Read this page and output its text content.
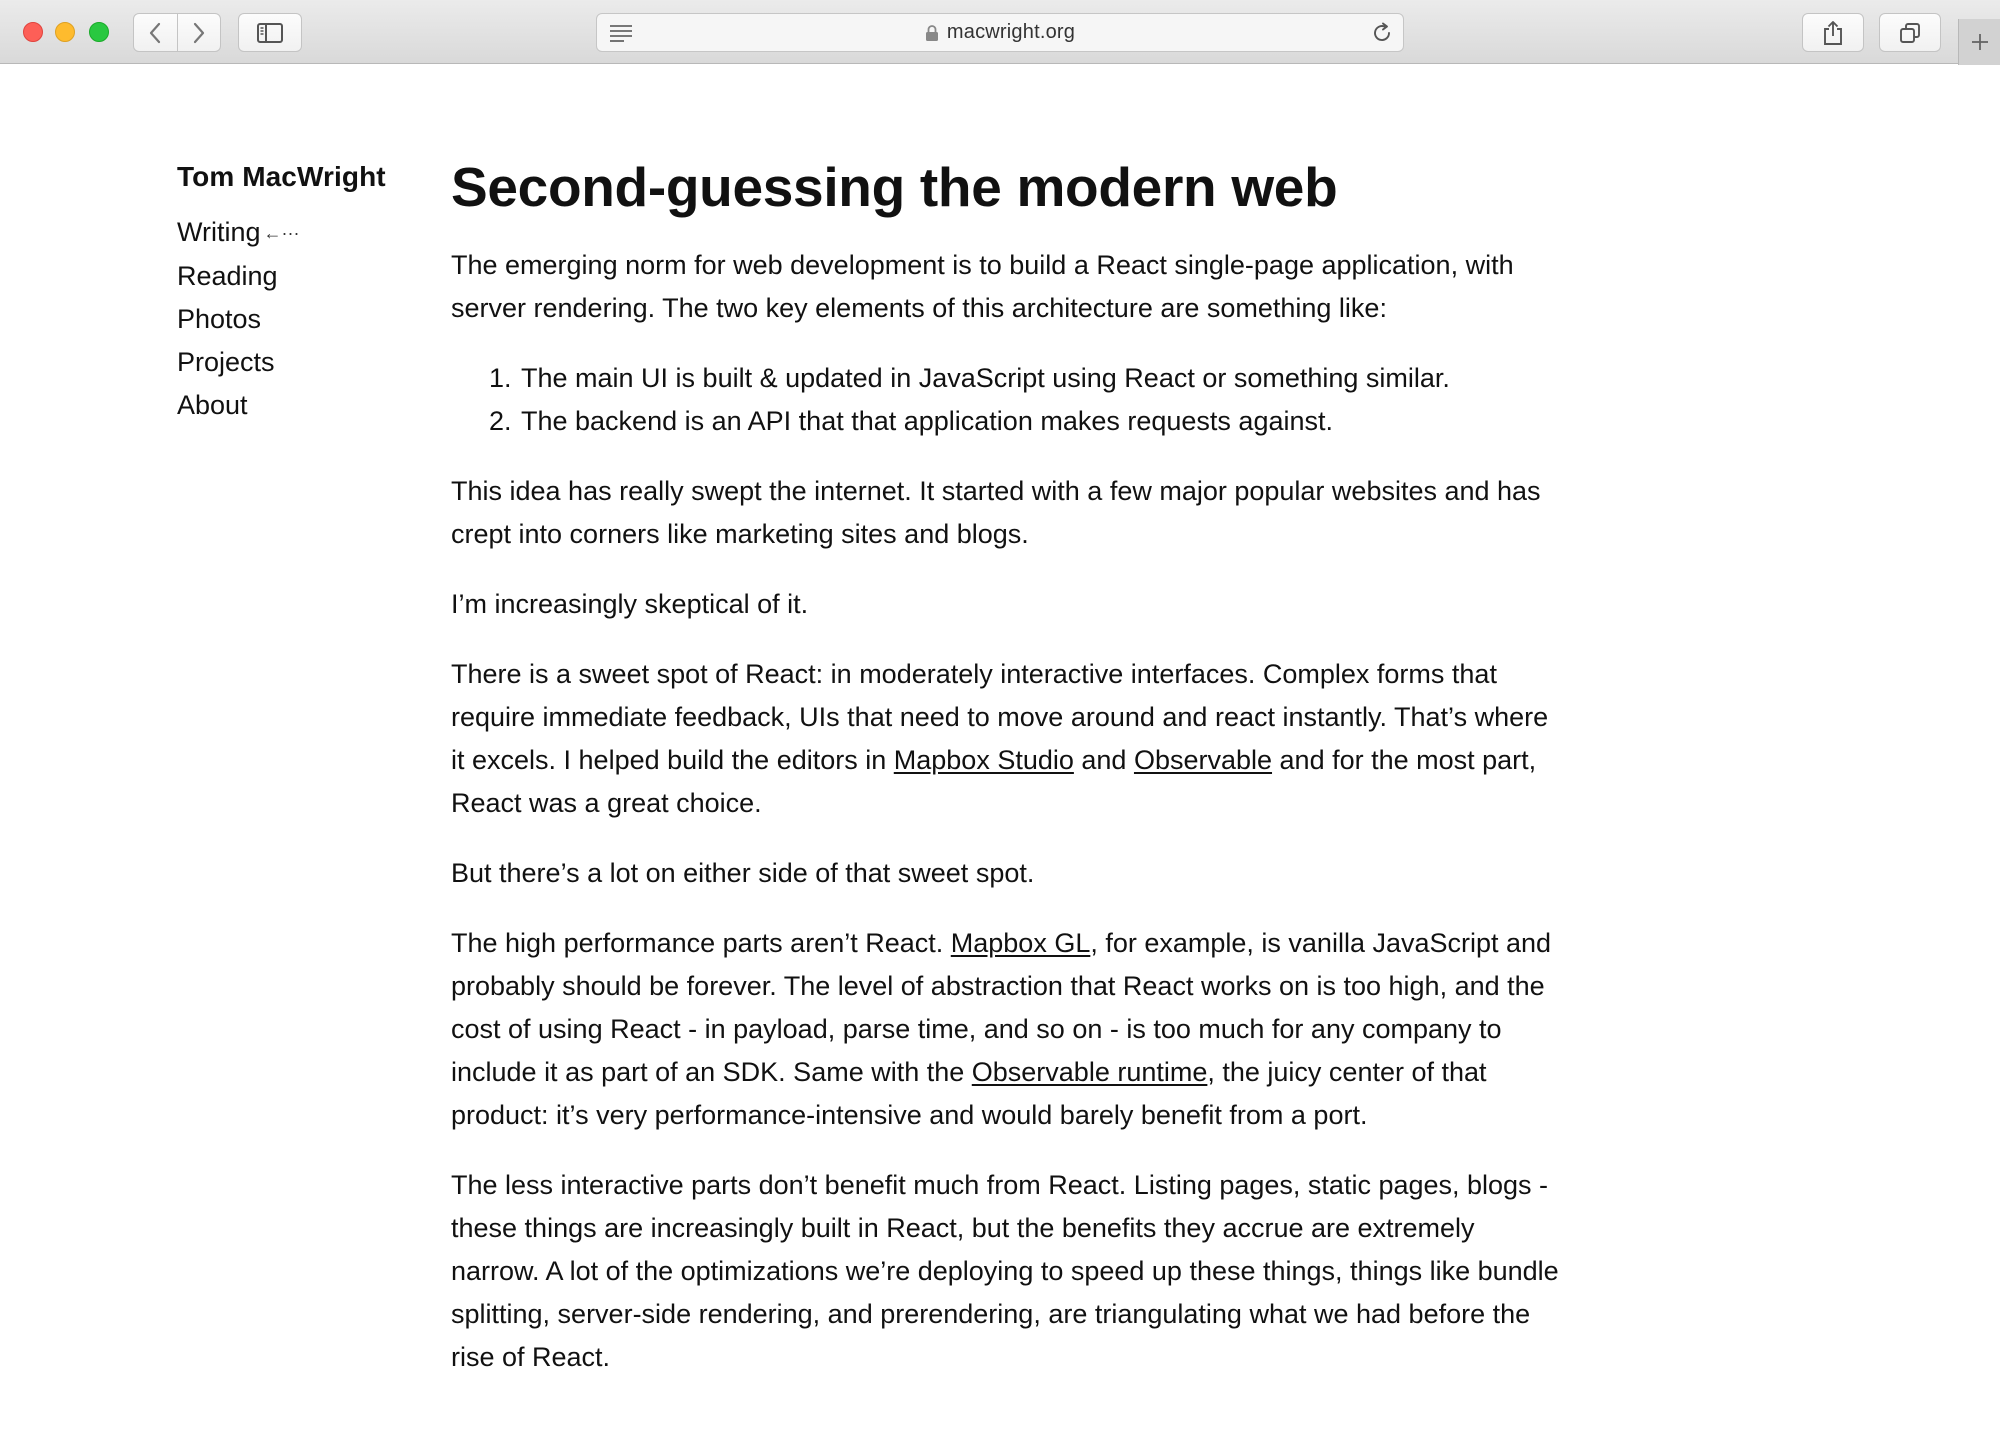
macwright.org
Tom MacWright
Writing ←···
Reading
Photos
Projects
About
Second-guessing the modern web

The emerging norm for web development is to build a React single-page application, with server rendering. The two key elements of this architecture are something like:

1. The main UI is built & updated in JavaScript using React or something similar.
2. The backend is an API that that application makes requests against.

This idea has really swept the internet. It started with a few major popular websites and has crept into corners like marketing sites and blogs.

I’m increasingly skeptical of it.

There is a sweet spot of React: in moderately interactive interfaces. Complex forms that require immediate feedback, UIs that need to move around and react instantly. That’s where it excels. I helped build the editors in Mapbox Studio and Observable and for the most part, React was a great choice.

But there’s a lot on either side of that sweet spot.

The high performance parts aren’t React. Mapbox GL, for example, is vanilla JavaScript and probably should be forever. The level of abstraction that React works on is too high, and the cost of using React - in payload, parse time, and so on - is too much for any company to include it as part of an SDK. Same with the Observable runtime, the juicy center of that product: it’s very performance-intensive and would barely benefit from a port.

The less interactive parts don’t benefit much from React. Listing pages, static pages, blogs - these things are increasingly built in React, but the benefits they accrue are extremely narrow. A lot of the optimizations we’re deploying to speed up these things, things like bundle splitting, server-side rendering, and prerendering, are triangulating what we had before the rise of React.
